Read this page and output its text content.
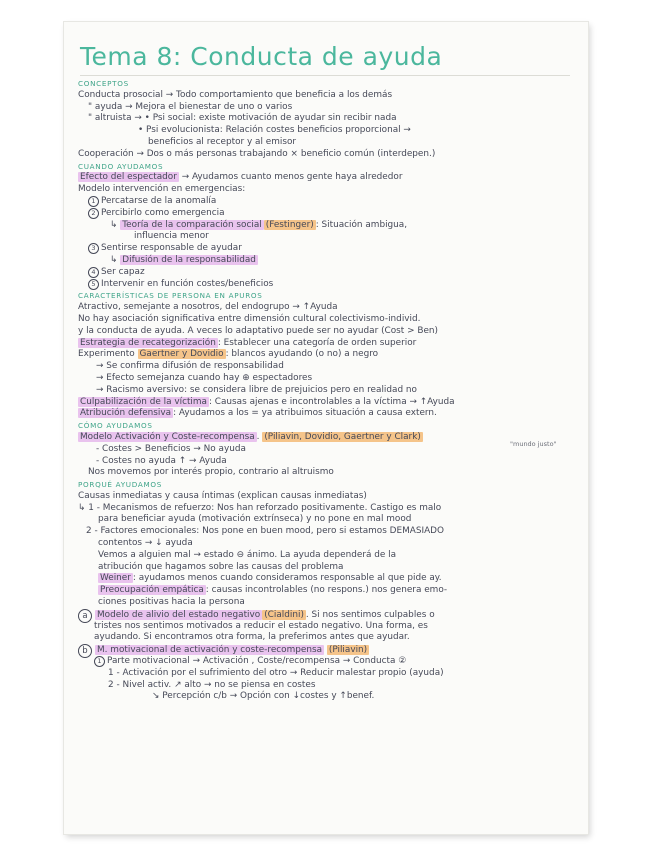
Tema 8: Conducta de ayuda
CONCEPTOS
Conducta prosocial → Todo comportamiento que beneficia a los demás
" ayuda → Mejora el bienestar de uno o varios
" altruista → • Psi social: existe motivación de ayudar sin recibir nada
• Psi evolucionista: Relación costes beneficios proporcional →
beneficios al receptor y al emisor
Cooperación → Dos o más personas trabajando × beneficio común (interdepen.)
CUANDO AYUDAMOS
Efecto del espectador → Ayudamos cuanto menos gente haya alrededor
Modelo intervención en emergencias:
1 Percatarse de la anomalía
2 Percibirlo como emergencia
↳ Teoría de la comparación social (Festinger) : Situación ambigua,
influencia menor
3 Sentirse responsable de ayudar
↳ Difusión de la responsabilidad
4 Ser capaz
5 Intervenir en función costes/beneficios
CARACTERÍSTICAS DE PERSONA EN APUROS
Atractivo, semejante a nosotros, del endogrupo → ↑Ayuda
No hay asociación significativa entre dimensión cultural colectivismo-individ.
y la conducta de ayuda. A veces lo adaptativo puede ser no ayudar (Cost > Ben)
Estrategia de recategorización : Establecer una categoría de orden superior
Experimento Gaertner y Dovidio : blancos ayudando (o no) a negro
→ Se confirma difusión de responsabilidad
→ Efecto semejanza cuando hay ⊕ espectadores
→ Racismo aversivo: se considera libre de prejuicios pero en realidad no
Culpabilización de la víctima : Causas ajenas e incontrolables a la víctima → ↑Ayuda
Atribución defensiva : Ayudamos a los = ya atribuimos situación a causa extern.
CÓMO AYUDAMOS
Modelo Activación y Coste-recompensa . (Piliavin, Dovidio, Gaertner y Clark)
- Costes > Beneficios → No ayuda
- Costes no ayuda ↑ → Ayuda
Nos movemos por interés propio, contrario al altruismo
PORQUÉ AYUDAMOS
Causas inmediatas y causa íntimas (explican causas inmediatas)
↳ 1 - Mecanismos de refuerzo: Nos han reforzado positivamente. Castigo es malo
para beneficiar ayuda (motivación extrínseca) y no pone en mal mood
2 - Factores emocionales: Nos pone en buen mood, pero si estamos DEMASIADO
contentos → ↓ ayuda
Vemos a alguien mal → estado ⊖ ánimo. La ayuda dependerá de la
atribución que hagamos sobre las causas del problema
Weiner : ayudamos menos cuando consideramos responsable al que pide ay.
Preocupación empática : causas incontrolables (no respons.) nos genera emo-
ciones positivas hacia la persona
a Modelo de alivio del estado negativo (Cialdini) . Si nos sentimos culpables o
tristes nos sentimos motivados a reducir el estado negativo. Una forma, es
ayudando. Si encontramos otra forma, la preferimos antes que ayudar.
b M. motivacional de activación y coste-recompensa (Piliavin)
1 Parte motivacional → Activación , Coste/recompensa → Conducta ②
1 - Activación por el sufrimiento del otro → Reducir malestar propio (ayuda)
2 - Nivel activ. ↗ alto → no se piensa en costes
↘ Percepción c/b → Opción con ↓costes y ↑benef.
"mundo justo"
